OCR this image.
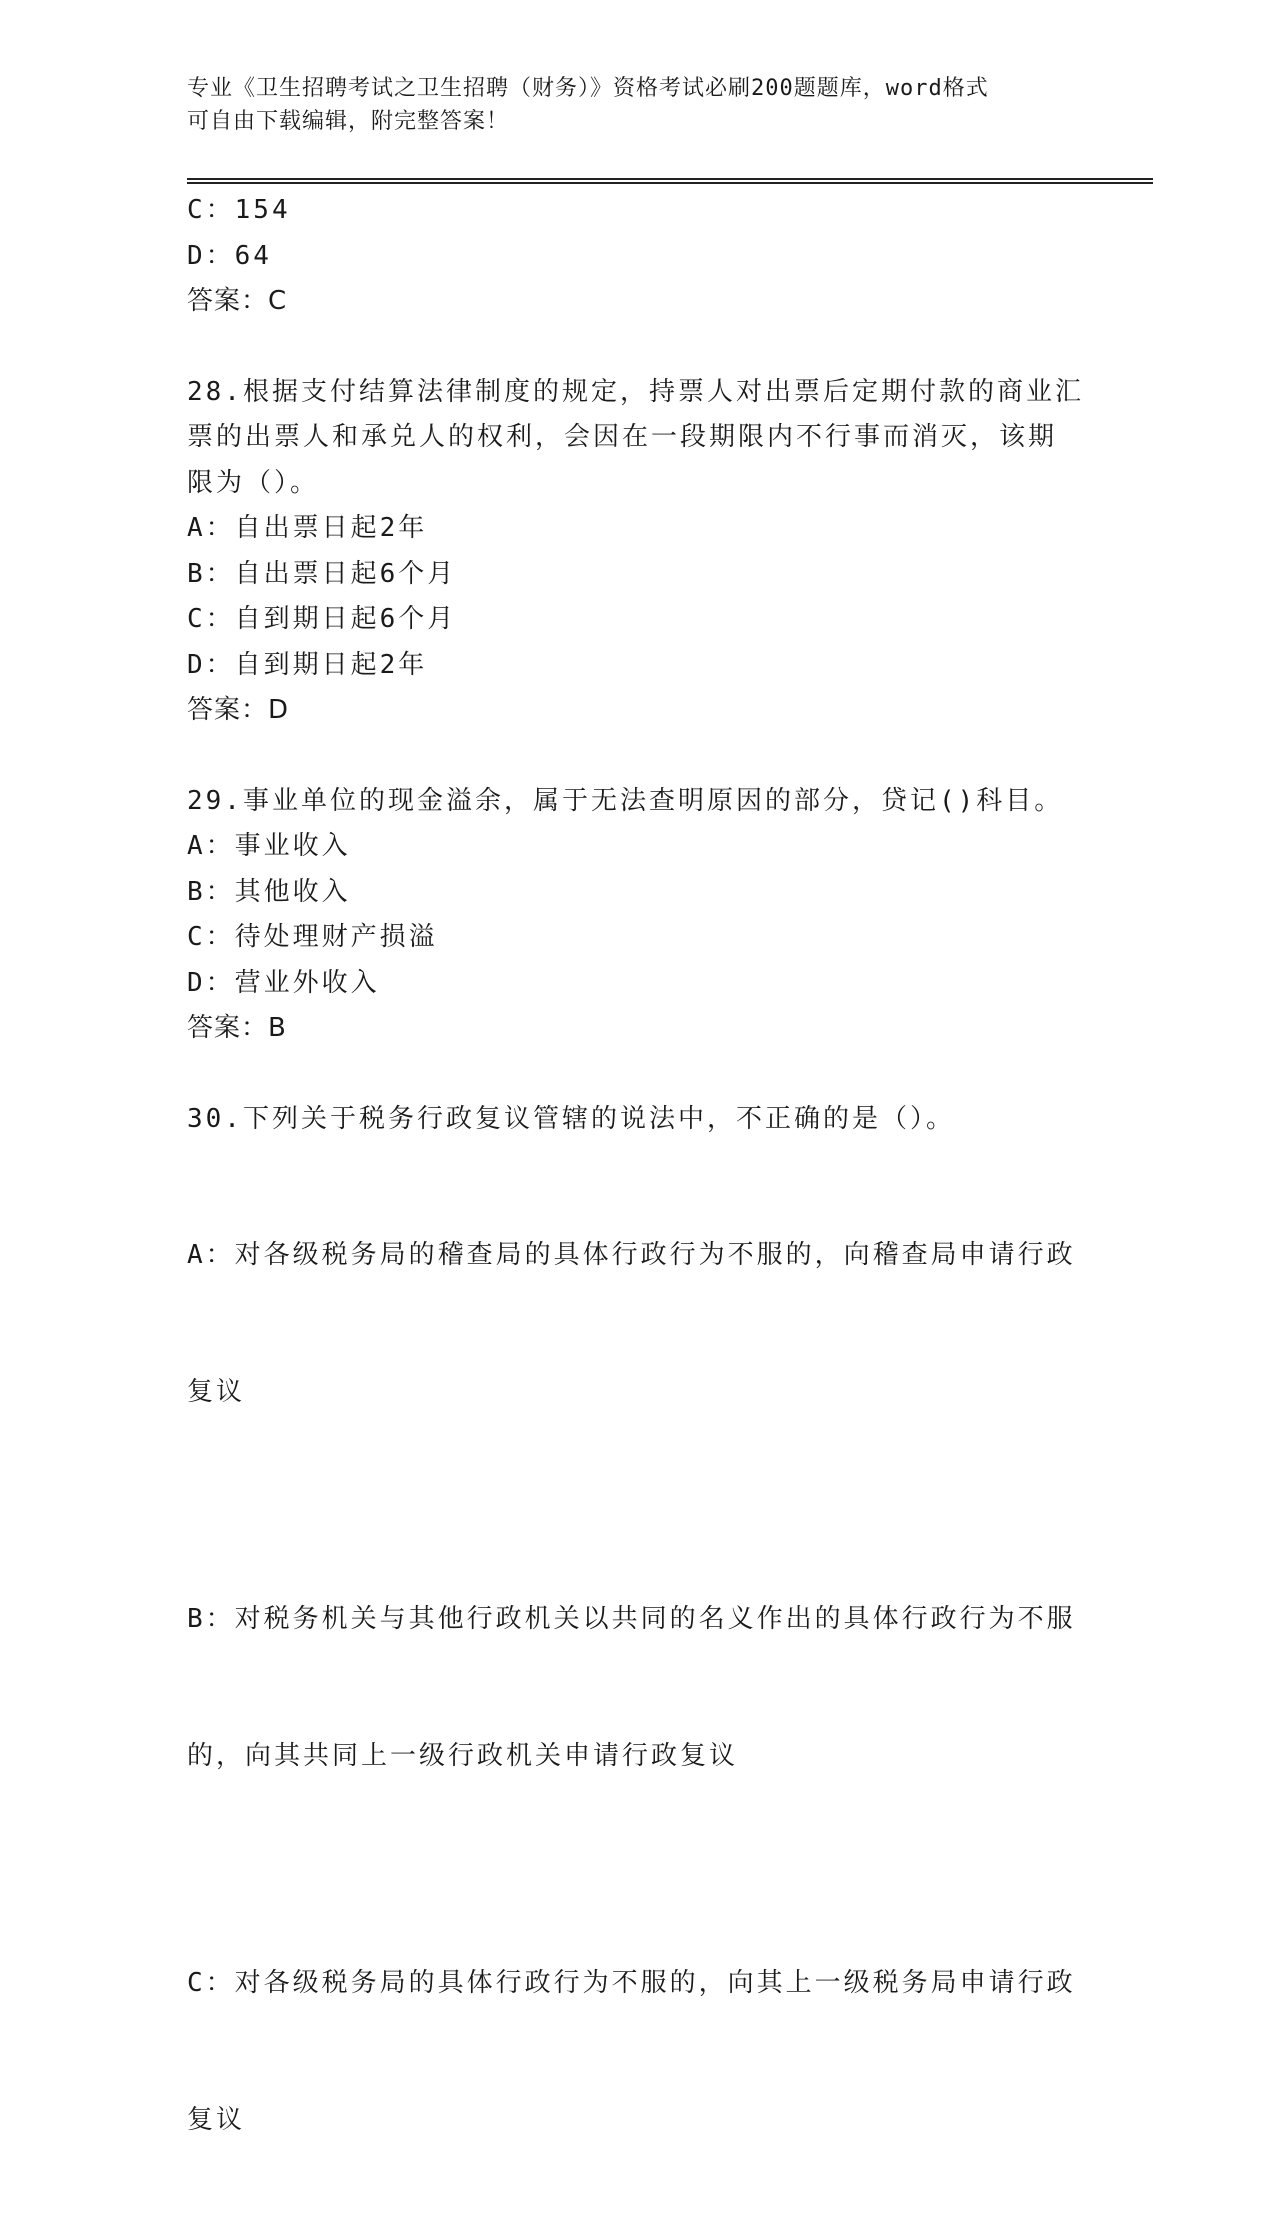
专业《卫生招聘考试之卫生招聘（财务）》资格考试必刷200题题库，word格式
可自由下载编辑，附完整答案！
C：154
D：64
答案：C
28.根据支付结算法律制度的规定，持票人对出票后定期付款的商业汇
票的出票人和承兑人的权利，会因在一段期限内不行事而消灭，该期
限为（）。
A：自出票日起2年
B：自出票日起6个月
C：自到期日起6个月
D：自到期日起2年
答案：D
29.事业单位的现金溢余，属于无法查明原因的部分，贷记()科目。
A：事业收入
B：其他收入
C：待处理财产损溢
D：营业外收入
答案：B
30.下列关于税务行政复议管辖的说法中，不正确的是（）。

A：对各级税务局的稽查局的具体行政行为不服的，向稽查局申请行政

复议

B：对税务机关与其他行政机关以共同的名义作出的具体行政行为不服

的，向其共同上一级行政机关申请行政复议

C：对各级税务局的具体行政行为不服的，向其上一级税务局申请行政

复议
